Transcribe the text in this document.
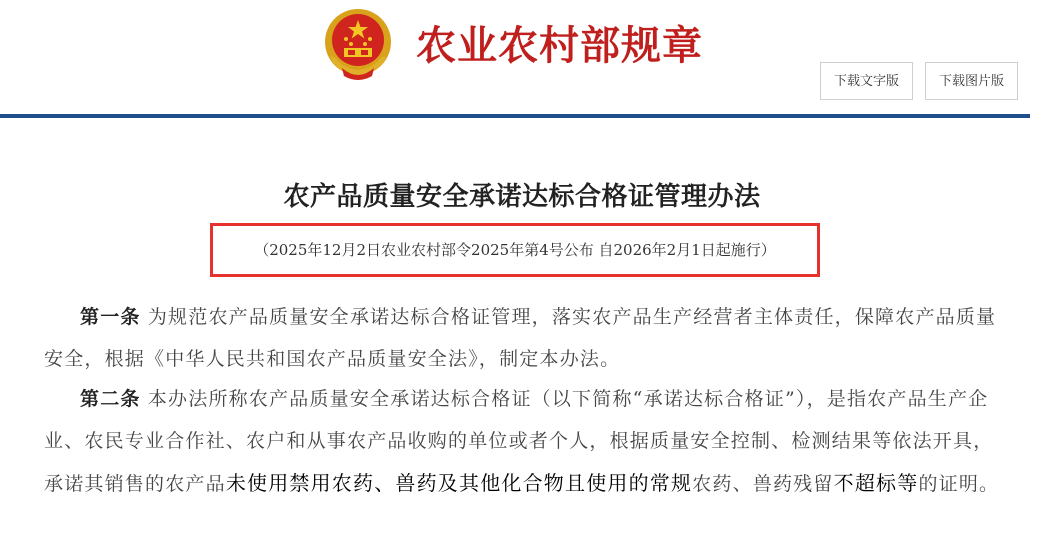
农业农村部规章
下载文字版	下载图片版
农产品质量安全承诺达标合格证管理办法
（2025年12月2日农业农村部令2025年第4号公布 自2026年2月1日起施行）

第一条 为规范农产品质量安全承诺达标合格证管理，落实农产品生产经营者主体责任，保障农产品质量安全，根据《中华人民共和国农产品质量安全法》，制定本办法。

第二条 本办法所称农产品质量安全承诺达标合格证（以下简称“承诺达标合格证”），是指农产品生产企业、农民专业合作社、农户和从事农产品收购的单位或者个人，根据质量安全控制、检测结果等依法开具，承诺其销售的农产品未使用禁用农药、兽药及其他化合物且使用的常规农药、兽药残留不超标等的证明。
